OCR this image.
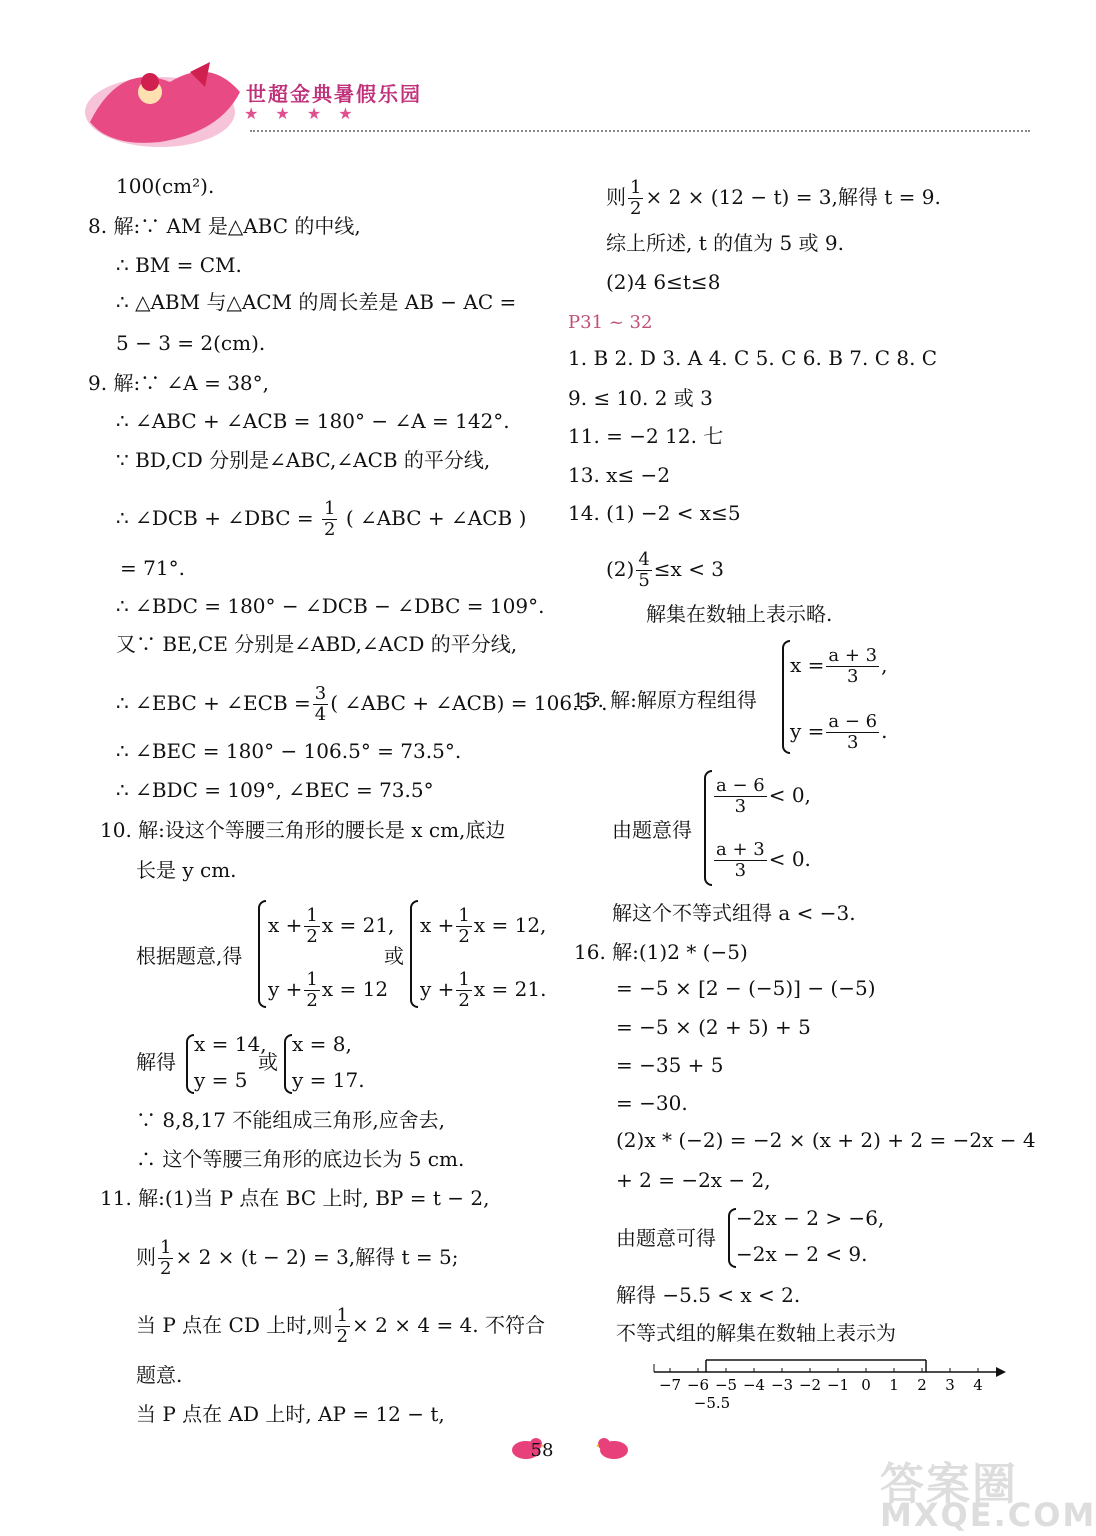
世超金典暑假乐园
★ ★ ★ ★
100(cm²).
8. 解:∵ AM 是△ABC 的中线,
∴ BM = CM.
∴ △ABM 与△ACM 的周长差是 AB − AC =
5 − 3 = 2(cm).
9. 解:∵ ∠A = 38°,
∴ ∠ABC + ∠ACB = 180° − ∠A = 142°.
∵ BD,CD 分别是∠ABC,∠ACB 的平分线,
∴ ∠DCB + ∠DBC = $\frac{1}{2}$ ( ∠ABC + ∠ACB )
= 71°.
∴ ∠BDC = 180° − ∠DCB − ∠DBC = 109°.
又∵ BE,CE 分别是∠ABD,∠ACD 的平分线,
∴ ∠EBC + ∠ECB = $\frac{3}{4}$ ( ∠ABC + ∠ACB) = 106.5°.
∴ ∠BEC = 180° − 106.5° = 73.5°.
∴ ∠BDC = 109°, ∠BEC = 73.5°
10. 解:设这个等腰三角形的腰长是 x cm,底边
长是 y cm.
根据题意,得
$x + \frac{1}{2}$ x = 21,
$y + \frac{1}{2}$ x = 12
或
$x + \frac{1}{2}$ x = 12,
$y + \frac{1}{2}$ x = 21.
解得
x = 14,
y = 5
或
x = 8,
y = 17.
∵ 8,8,17 不能组成三角形,应舍去,
∴ 这个等腰三角形的底边长为 5 cm.
11. 解:(1)当 P 点在 BC 上时, BP = t − 2,
则 $\frac{1}{2} \times 2 \times (t - 2) = 3$,解得 t = 5;
当 P 点在 CD 上时,则 $\frac{1}{2} \times 2 \times 4 = 4$. 不符合
题意.
当 P 点在 AD 上时, AP = 12 − t,
则 $\frac{1}{2} \times 2 \times (12 - t) = 3$,解得 t = 9.
综上所述, t 的值为 5 或 9.
(2)4 6≤t≤8
P31 ~ 32
1. B 2. D 3. A 4. C 5. C 6. B 7. C 8. C
9. ≤ 10. 2 或 3
11. = −2 12. 七
13. x≤ −2
14. (1) −2 < x≤5
$(2) \frac{4}{5} \le x < 3$
解集在数轴上表示略.
15. 解:解原方程组得
$x = \frac{a + 3}{3}$ ,
$y = \frac{a - 6}{3}$ .
由题意得
$\frac{a - 6}{3} < 0$,
$\frac{a + 3}{3} < 0$.
解这个不等式组得 a < −3.
16. 解:(1)2 * (−5)
= −5 × [2 − (−5)] − (−5)
= −5 × (2 + 5) + 5
= −35 + 5
= −30.
(2)x * (−2) = −2 × (x + 2) + 2 = −2x − 4
+ 2 = −2x − 2,
由题意可得
−2x − 2 > −6,
−2x − 2 < 9.
解得 −5.5 < x < 2.
不等式组的解集在数轴上表示为
−7 −6 −5 −4 −3 −2 −1 0 1 2 3 4
−5.5
58
答案圈
MXQE.COM
